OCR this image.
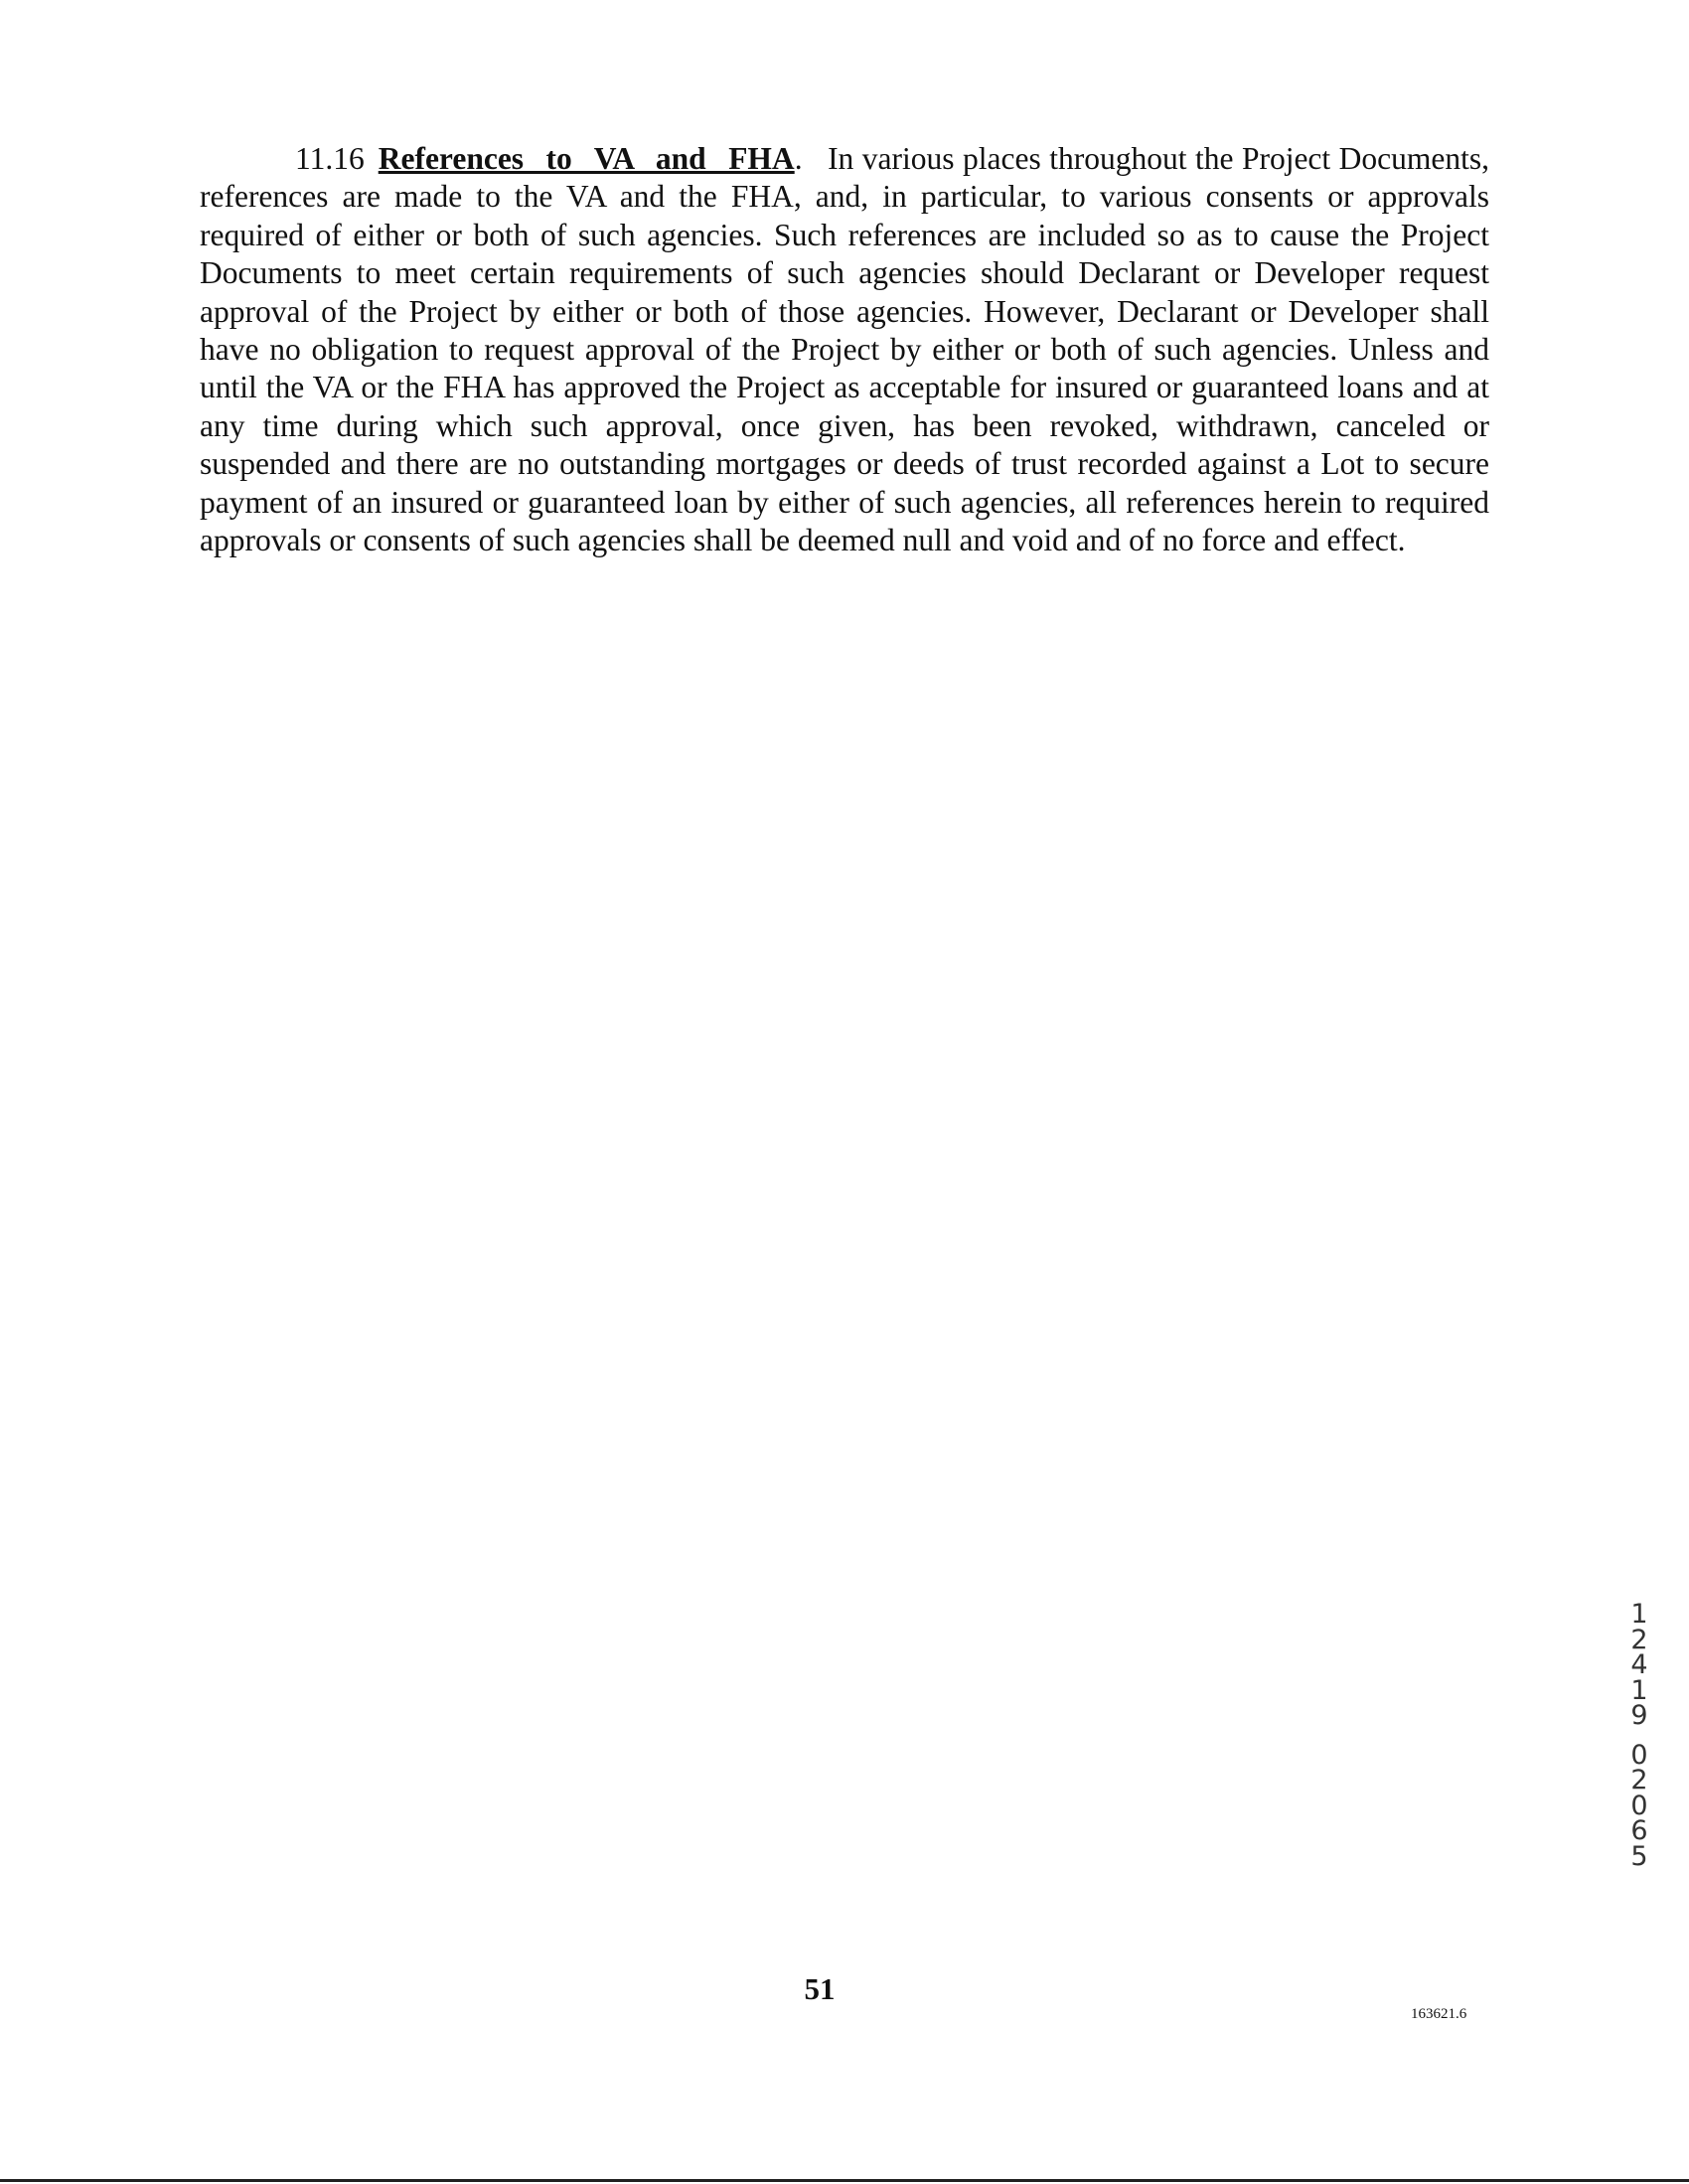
11.16 References to VA and FHA. In various places throughout the Project Documents, references are made to the VA and the FHA, and, in particular, to various consents or approvals required of either or both of such agencies. Such references are included so as to cause the Project Documents to meet certain requirements of such agencies should Declarant or Developer request approval of the Project by either or both of those agencies. However, Declarant or Developer shall have no obligation to request approval of the Project by either or both of such agencies. Unless and until the VA or the FHA has approved the Project as acceptable for insured or guaranteed loans and at any time during which such approval, once given, has been revoked, withdrawn, canceled or suspended and there are no outstanding mortgages or deeds of trust recorded against a Lot to secure payment of an insured or guaranteed loan by either of such agencies, all references herein to required approvals or consents of such agencies shall be deemed null and void and of no force and effect.

1
2
4
1
9
0
2
0
6
5
51
163621.6
